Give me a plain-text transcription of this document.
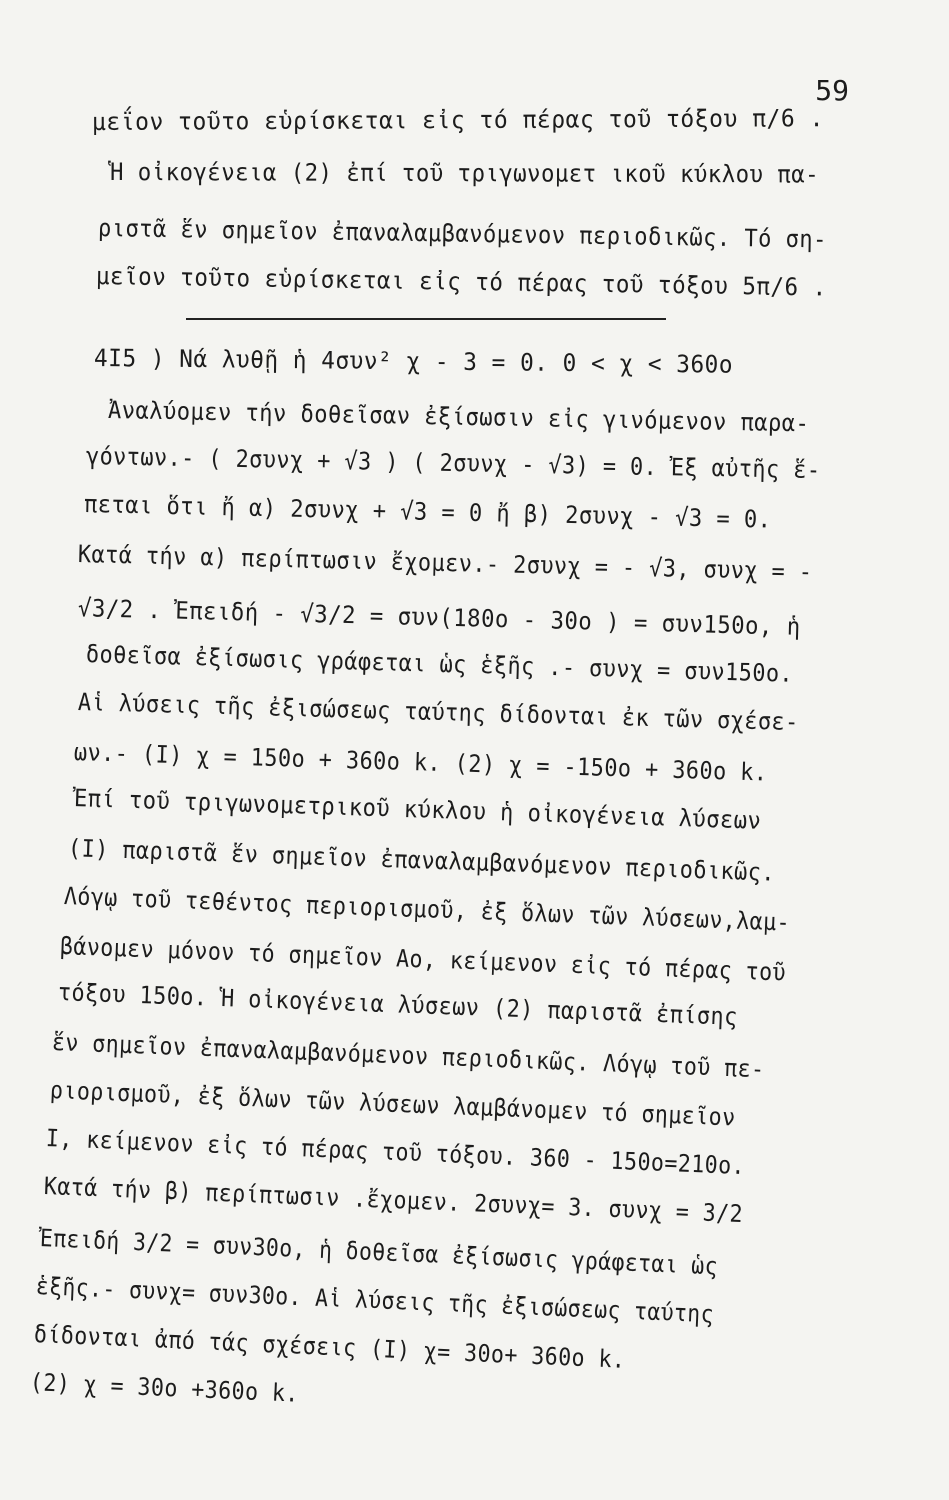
59
μεΐον τοῦτο εὑρίσκεται εἰς τό πέρας τοῦ τόξου π/6 .
Ἡ οἰκογένεια (2) ἐπί τοῦ τριγωνομετ ικοῦ κύκλου πα-
ριστᾶ ἕν σημεῖον ἐπαναλαμβανόμενον περιοδικῶς. Τό ση-
μεῖον τοῦτο εὑρίσκεται εἰς τό πέρας τοῦ τόξου 5π/6 .
4I5 ) Νά λυθῇ ἡ 4συν² χ - 3 = 0. 0 < χ < 360ο
Ἀναλύομεν τήν δοθεῖσαν ἐξίσωσιν εἰς γινόμενον παρα-
γόντων.- ( 2συνχ + √3 ) ( 2συνχ - √3) = 0. Ἐξ αὐτῆς ἕ-
πεται ὅτι ἤ α) 2συνχ + √3 = 0 ἤ β) 2συνχ - √3 = 0.
Κατά τήν α) περίπτωσιν ἔχομεν.- 2συνχ = - √3, συνχ = -
√3/2 . Ἐπειδή - √3/2 = συν(180ο - 30ο ) = συν150ο, ἡ
δοθεῖσα ἐξίσωσις γράφεται ὡς ἑξῆς .- συνχ = συν150ο.
Αἱ λύσεις τῆς ἐξισώσεως ταύτης δίδονται ἐκ τῶν σχέσε-
ων.- (Ι) χ = 150ο + 360ο k. (2) χ = -150ο + 360ο k.
Ἐπί τοῦ τριγωνομετρικοῦ κύκλου ἡ οἰκογένεια λύσεων
(Ι) παριστᾶ ἕν σημεῖον ἐπαναλαμβανόμενον περιοδικῶς.
Λόγῳ τοῦ τεθέντος περιορισμοῦ, ἐξ ὅλων τῶν λύσεων,λαμ-
βάνομεν μόνον τό σημεῖον Αο, κείμενον εἰς τό πέρας τοῦ
τόξου 150ο. Ἡ οἰκογένεια λύσεων (2) παριστᾶ ἐπίσης
ἕν σημεῖον ἐπαναλαμβανόμενον περιοδικῶς. Λόγῳ τοῦ πε-
ριορισμοῦ, ἐξ ὅλων τῶν λύσεων λαμβάνομεν τό σημεῖον
Ι, κείμενον εἰς τό πέρας τοῦ τόξου. 360 - 150ο=210ο.
Κατά τήν β) περίπτωσιν .ἔχομεν. 2συνχ= 3. συνχ = 3/2
Ἐπειδή 3/2 = συν30ο, ἡ δοθεῖσα ἐξίσωσις γράφεται ὡς
ἑξῆς.- συνχ= συν30ο. Αἱ λύσεις τῆς ἐξισώσεως ταύτης
δίδονται ἀπό τάς σχέσεις (Ι) χ= 30ο+ 360ο k.
(2) χ = 30ο +360ο k.
